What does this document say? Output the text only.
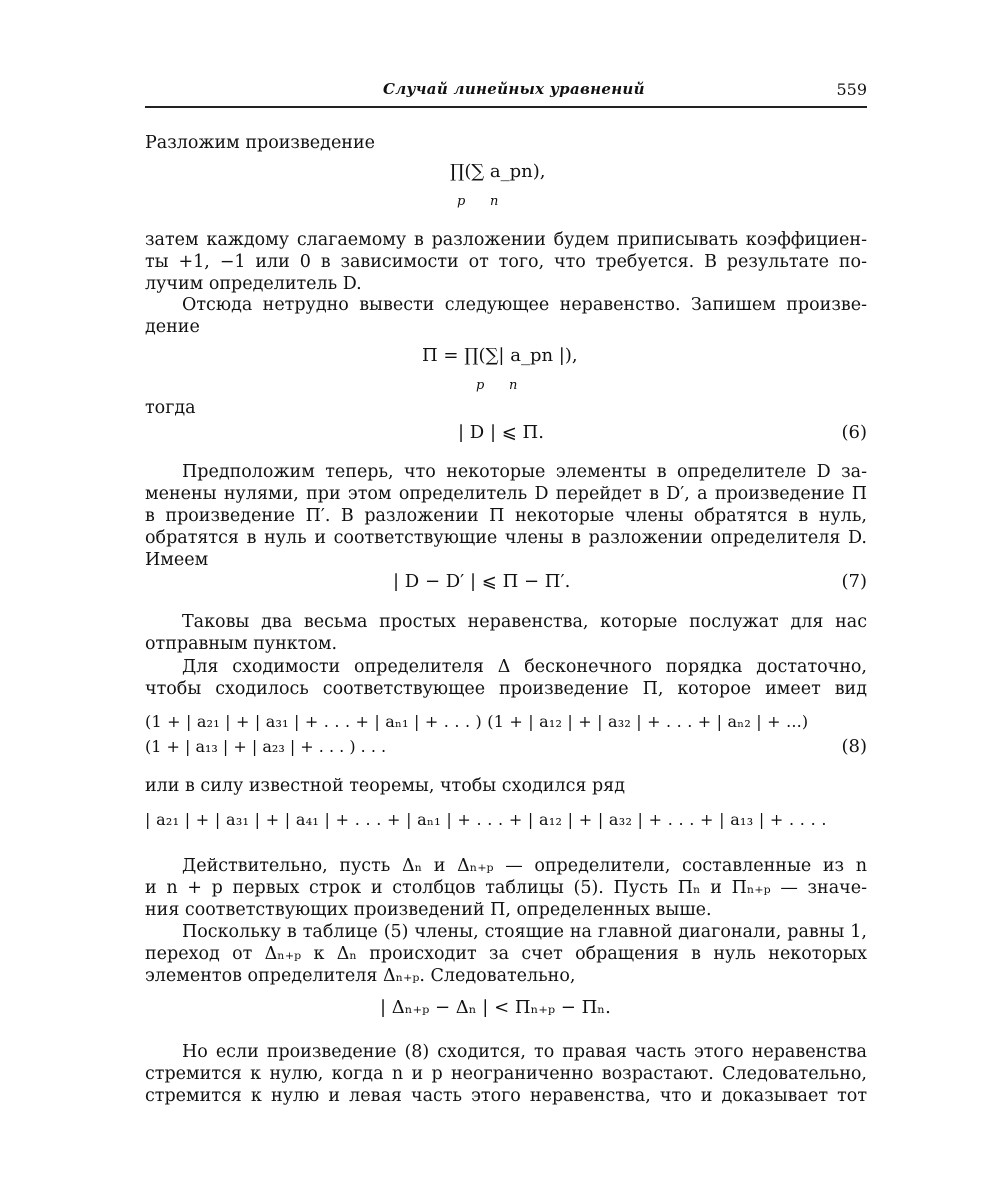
Случай линейных уравнений	559
Разложим произведение
∏(∑ a_pn),
p n
затем каждому слагаемому в разложении будем приписывать коэффициен-
ты +1, −1 или 0 в зависимости от того, что требуется. В результате по-
лучим определитель D.
Отсюда нетрудно вывести следующее неравенство. Запишем произве-
дение
П = ∏(∑| a_pn |),
p n
тогда
| D | ⩽ П.	(6)
Предположим теперь, что некоторые элементы в определителе D за-
менены нулями, при этом определитель D перейдет в D′, а произведение П
в произведение П′. В разложении П некоторые члены обратятся в нуль,
обратятся в нуль и соответствующие члены в разложении определителя D.
Имеем
| D − D′ | ⩽ П − П′.	(7)
Таковы два весьма простых неравенства, которые послужат для нас
отправным пунктом.
Для сходимости определителя Δ бесконечного порядка достаточно,
чтобы сходилось соответствующее произведение П, которое имеет вид
(1 + | a₂₁ | + | a₃₁ | + . . . + | aₙ₁ | + . . . ) (1 + | a₁₂ | + | a₃₂ | + . . . + | aₙ₂ | + ...)
(1 + | a₁₃ | + | a₂₃ | + . . . ) . . .	(8)
или в силу известной теоремы, чтобы сходился ряд
| a₂₁ | + | a₃₁ | + | a₄₁ | + . . . + | aₙ₁ | + . . . + | a₁₂ | + | a₃₂ | + . . . + | a₁₃ | + . . . .
Действительно, пусть Δₙ и Δₙ₊ₚ — определители, составленные из n
и n + p первых строк и столбцов таблицы (5). Пусть Пₙ и Пₙ₊ₚ — значе-
ния соответствующих произведений П, определенных выше.
Поскольку в таблице (5) члены, стоящие на главной диагонали, равны 1,
переход от Δₙ₊ₚ к Δₙ происходит за счет обращения в нуль некоторых
элементов определителя Δₙ₊ₚ. Следовательно,
| Δₙ₊ₚ − Δₙ | < Пₙ₊ₚ − Пₙ.
Но если произведение (8) сходится, то правая часть этого неравенства
стремится к нулю, когда n и p неограниченно возрастают. Следовательно,
стремится к нулю и левая часть этого неравенства, что и доказывает тот
